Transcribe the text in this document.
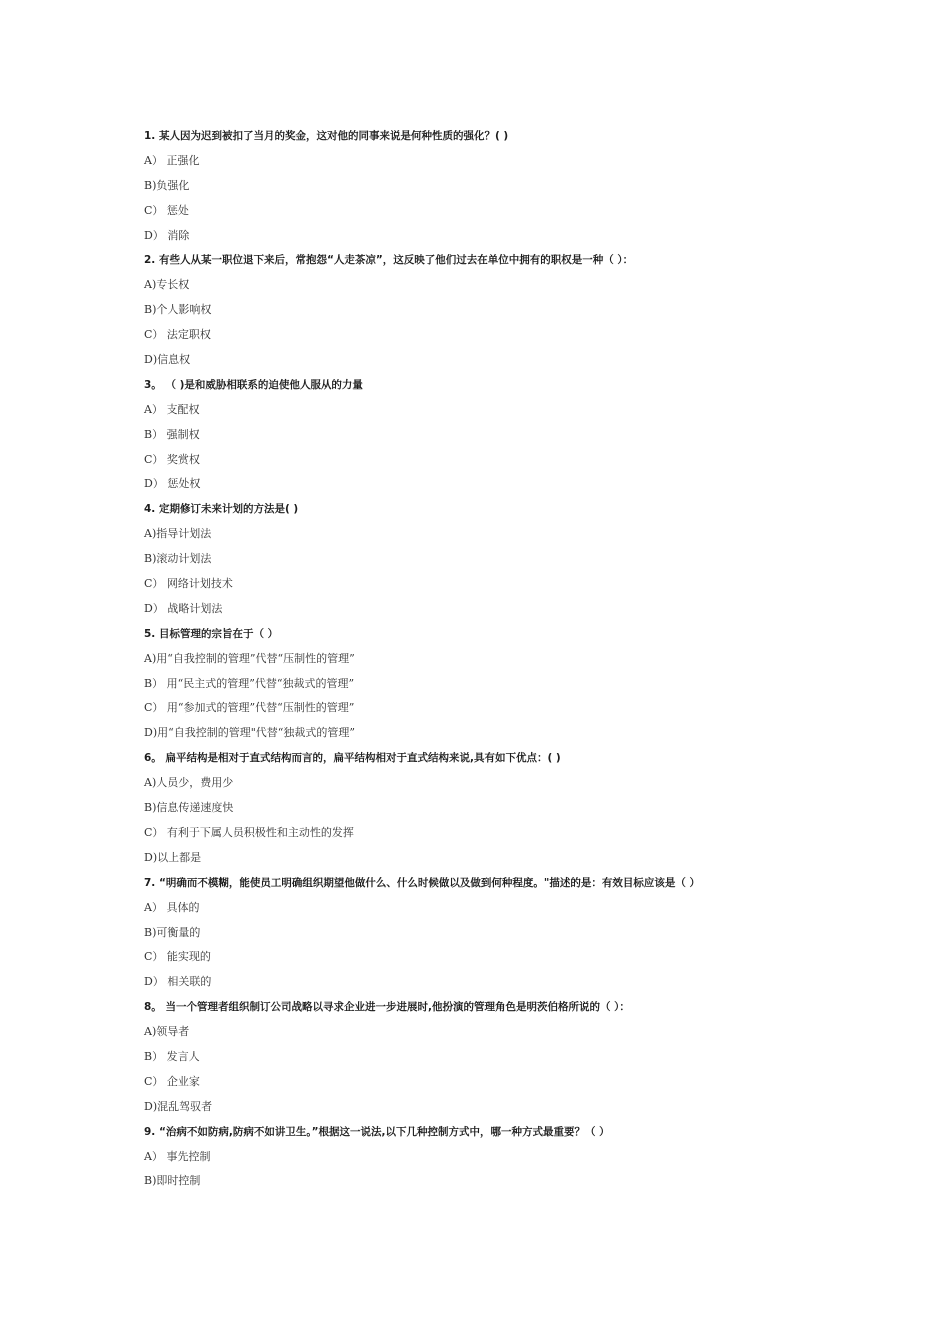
1. 某人因为迟到被扣了当月的奖金，这对他的同事来说是何种性质的强化？( )
A） 正强化
B)负强化
C） 惩处
D） 消除
2. 有些人从某一职位退下来后，常抱怨“人走茶凉”，这反映了他们过去在单位中拥有的职权是一种（ ）：
A)专长权
B)个人影响权
C） 法定职权
D)信息权
3。 （ )是和威胁相联系的迫使他人服从的力量
A） 支配权
B） 强制权
C） 奖赏权
D） 惩处权
4. 定期修订未来计划的方法是( )
A)指导计划法
B)滚动计划法
C） 网络计划技术
D） 战略计划法
5. 目标管理的宗旨在于（ ）
A)用“自我控制的管理”代替“压制性的管理”
B） 用“民主式的管理”代替“独裁式的管理”
C） 用“参加式的管理”代替“压制性的管理”
D)用“自我控制的管理"代替“独裁式的管理”
6。 扁平结构是相对于直式结构而言的，扁平结构相对于直式结构来说,具有如下优点：( )
A)人员少，费用少
B)信息传递速度快
C） 有利于下属人员积极性和主动性的发挥
D)以上都是
7. “明确而不模糊，能使员工明确组织期望他做什么、什么时候做以及做到何种程度。"描述的是：有效目标应该是（ ）
A） 具体的
B)可衡量的
C） 能实现的
D） 相关联的
8。 当一个管理者组织制订公司战略以寻求企业进一步进展时,他扮演的管理角色是明茨伯格所说的（ ）：
A)领导者
B） 发言人
C） 企业家
D)混乱驾驭者
9. “治病不如防病,防病不如讲卫生。”根据这一说法,以下几种控制方式中，哪一种方式最重要？（ ）
A） 事先控制
B)即时控制
